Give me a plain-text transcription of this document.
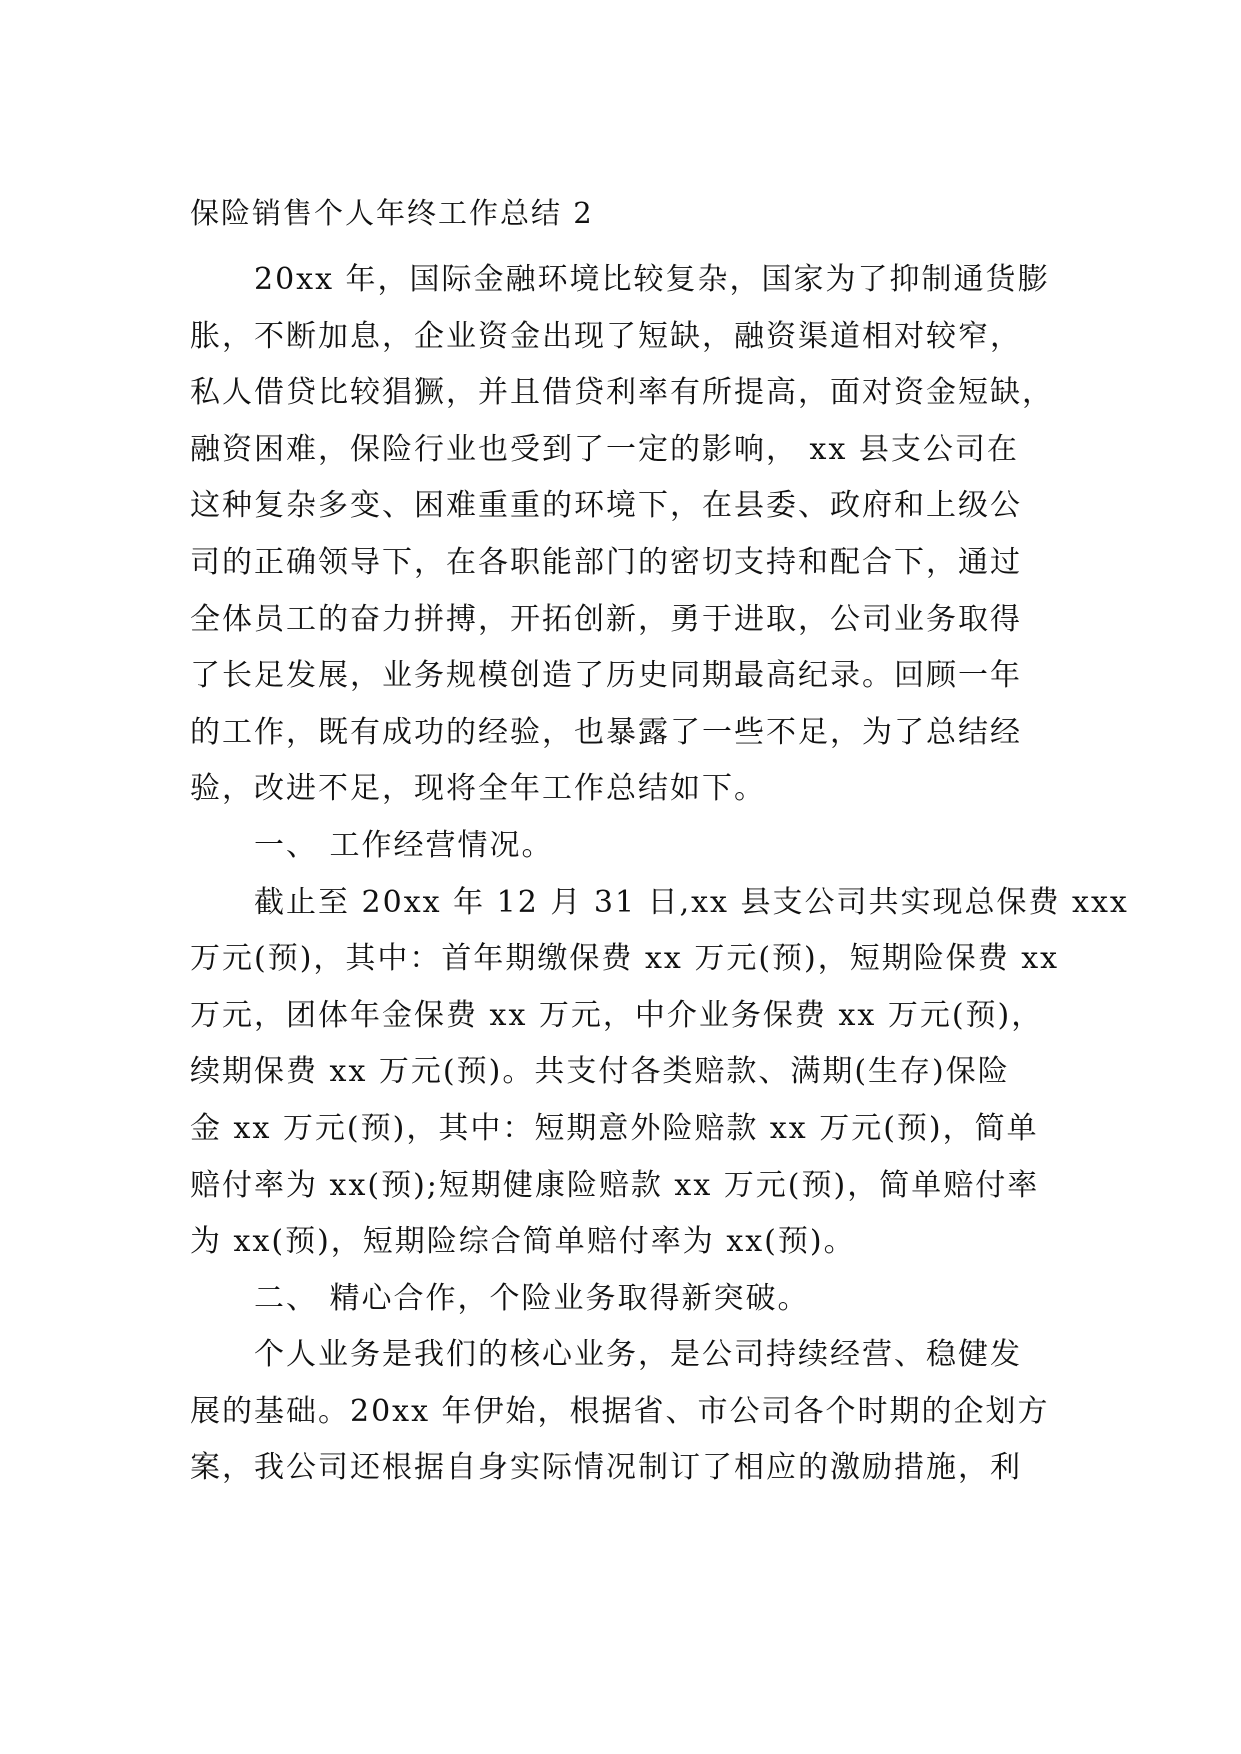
保险销售个人年终工作总结 2
20xx 年，国际金融环境比较复杂，国家为了抑制通货膨
胀，不断加息，企业资金出现了短缺，融资渠道相对较窄，
私人借贷比较猖獗，并且借贷利率有所提高，面对资金短缺，
融资困难，保险行业也受到了一定的影响， xx 县支公司在
这种复杂多变、困难重重的环境下，在县委、政府和上级公
司的正确领导下，在各职能部门的密切支持和配合下，通过
全体员工的奋力拼搏，开拓创新，勇于进取，公司业务取得
了长足发展，业务规模创造了历史同期最高纪录。回顾一年
的工作，既有成功的经验，也暴露了一些不足，为了总结经
验，改进不足，现将全年工作总结如下。
一、 工作经营情况。
截止至 20xx 年 12 月 31 日,xx 县支公司共实现总保费 xxx
万元(预)，其中：首年期缴保费 xx 万元(预)，短期险保费 xx
万元，团体年金保费 xx 万元，中介业务保费 xx 万元(预)，
续期保费 xx 万元(预)。共支付各类赔款、满期(生存)保险
金 xx 万元(预)，其中：短期意外险赔款 xx 万元(预)，简单
赔付率为 xx(预);短期健康险赔款 xx 万元(预)，简单赔付率
为 xx(预)，短期险综合简单赔付率为 xx(预)。
二、 精心合作，个险业务取得新突破。
个人业务是我们的核心业务，是公司持续经营、稳健发
展的基础。20xx 年伊始，根据省、市公司各个时期的企划方
案，我公司还根据自身实际情况制订了相应的激励措施，利
